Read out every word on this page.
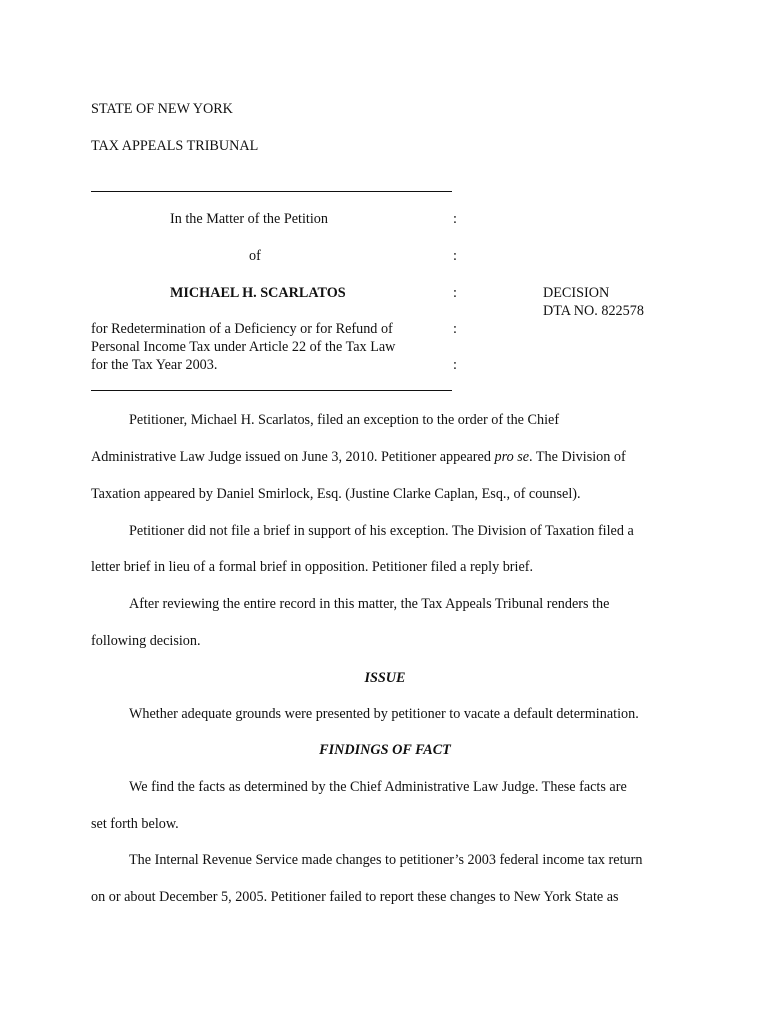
STATE OF NEW YORK

TAX APPEALS TRIBUNAL

In the Matter of the Petition	:

of	:

MICHAEL H. SCARLATOS	:	DECISION

DTA NO. 822578

for Redetermination of a Deficiency or for Refund of	:

Personal Income Tax under Article 22 of the Tax Law

for the Tax Year 2003.	:

Petitioner, Michael H. Scarlatos, filed an exception to the order of the Chief

Administrative Law Judge issued on June 3, 2010. Petitioner appeared pro se. The Division of

Taxation appeared by Daniel Smirlock, Esq. (Justine Clarke Caplan, Esq., of counsel).

Petitioner did not file a brief in support of his exception. The Division of Taxation filed a

letter brief in lieu of a formal brief in opposition. Petitioner filed a reply brief.

After reviewing the entire record in this matter, the Tax Appeals Tribunal renders the

following decision.

ISSUE

Whether adequate grounds were presented by petitioner to vacate a default determination.

FINDINGS OF FACT

We find the facts as determined by the Chief Administrative Law Judge. These facts are

set forth below.

The Internal Revenue Service made changes to petitioner’s 2003 federal income tax return

on or about December 5, 2005. Petitioner failed to report these changes to New York State as
